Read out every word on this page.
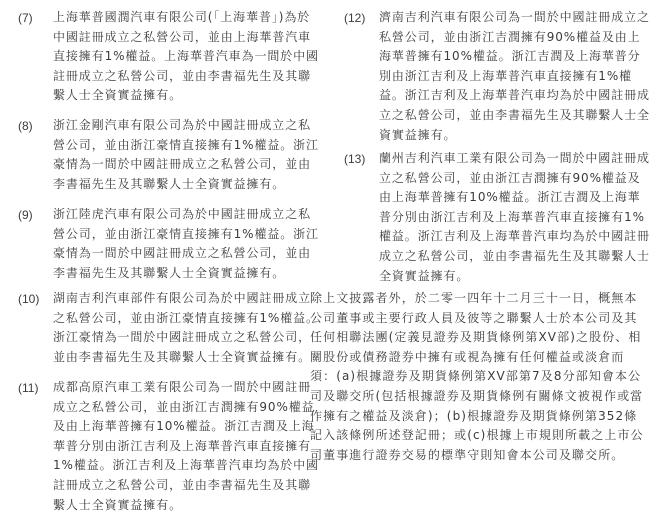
(7)	上海華普國潤汽車有限公司(「上海華普」)為於中國註冊成立之私營公司，並由上海華普汽車直接擁有1%權益。上海華普汽車為一間於中國註冊成立之私營公司，並由李書福先生及其聯繫人士全資實益擁有。
(8)	浙江金剛汽車有限公司為於中國註冊成立之私營公司，並由浙江豪情直接擁有1%權益。浙江豪情為一間於中國註冊成立之私營公司，並由李書福先生及其聯繫人士全資實益擁有。
(9)	浙江陸虎汽車有限公司為於中國註冊成立之私營公司，並由浙江豪情直接擁有1%權益。浙江豪情為一間於中國註冊成立之私營公司，並由李書福先生及其聯繫人士全資實益擁有。
(10)	湖南吉利汽車部件有限公司為於中國註冊成立之私營公司，並由浙江豪情直接擁有1%權益。浙江豪情為一間於中國註冊成立之私營公司，並由李書福先生及其聯繫人士全資實益擁有。
(11)	成都高原汽車工業有限公司為一間於中國註冊成立之私營公司，並由浙江吉潤擁有90%權益及由上海華普擁有10%權益。浙江吉潤及上海華普分別由浙江吉利及上海華普汽車直接擁有1%權益。浙江吉利及上海華普汽車均為於中國註冊成立之私營公司，並由李書福先生及其聯繫人士全資實益擁有。
(12)	濟南吉利汽車有限公司為一間於中國註冊成立之私營公司，並由浙江吉潤擁有90%權益及由上海華普擁有10%權益。浙江吉潤及上海華普分別由浙江吉利及上海華普汽車直接擁有1%權益。浙江吉利及上海華普汽車均為於中國註冊成立之私營公司，並由李書福先生及其聯繫人士全資實益擁有。
(13)	蘭州吉利汽車工業有限公司為一間於中國註冊成立之私營公司，並由浙江吉潤擁有90%權益及由上海華普擁有10%權益。浙江吉潤及上海華普分別由浙江吉利及上海華普汽車直接擁有1%權益。浙江吉利及上海華普汽車均為於中國註冊成立之私營公司，並由李書福先生及其聯繫人士全資實益擁有。
除上文披露者外，於二零一四年十二月三十一日，概無本公司董事或主要行政人員及彼等之聯繫人士於本公司及其任何相聯法團(定義見證券及期貨條例第XV部)之股份、相關股份或債務證券中擁有或視為擁有任何權益或淡倉而須：(a)根據證券及期貨條例第XV部第7及8分部知會本公司及聯交所(包括根據證券及期貨條例有關條文被視作或當作擁有之權益及淡倉)；(b)根據證券及期貨條例第352條記入該條例所述登記冊；或(c)根據上市規則所載之上市公司董事進行證券交易的標準守則知會本公司及聯交所。
